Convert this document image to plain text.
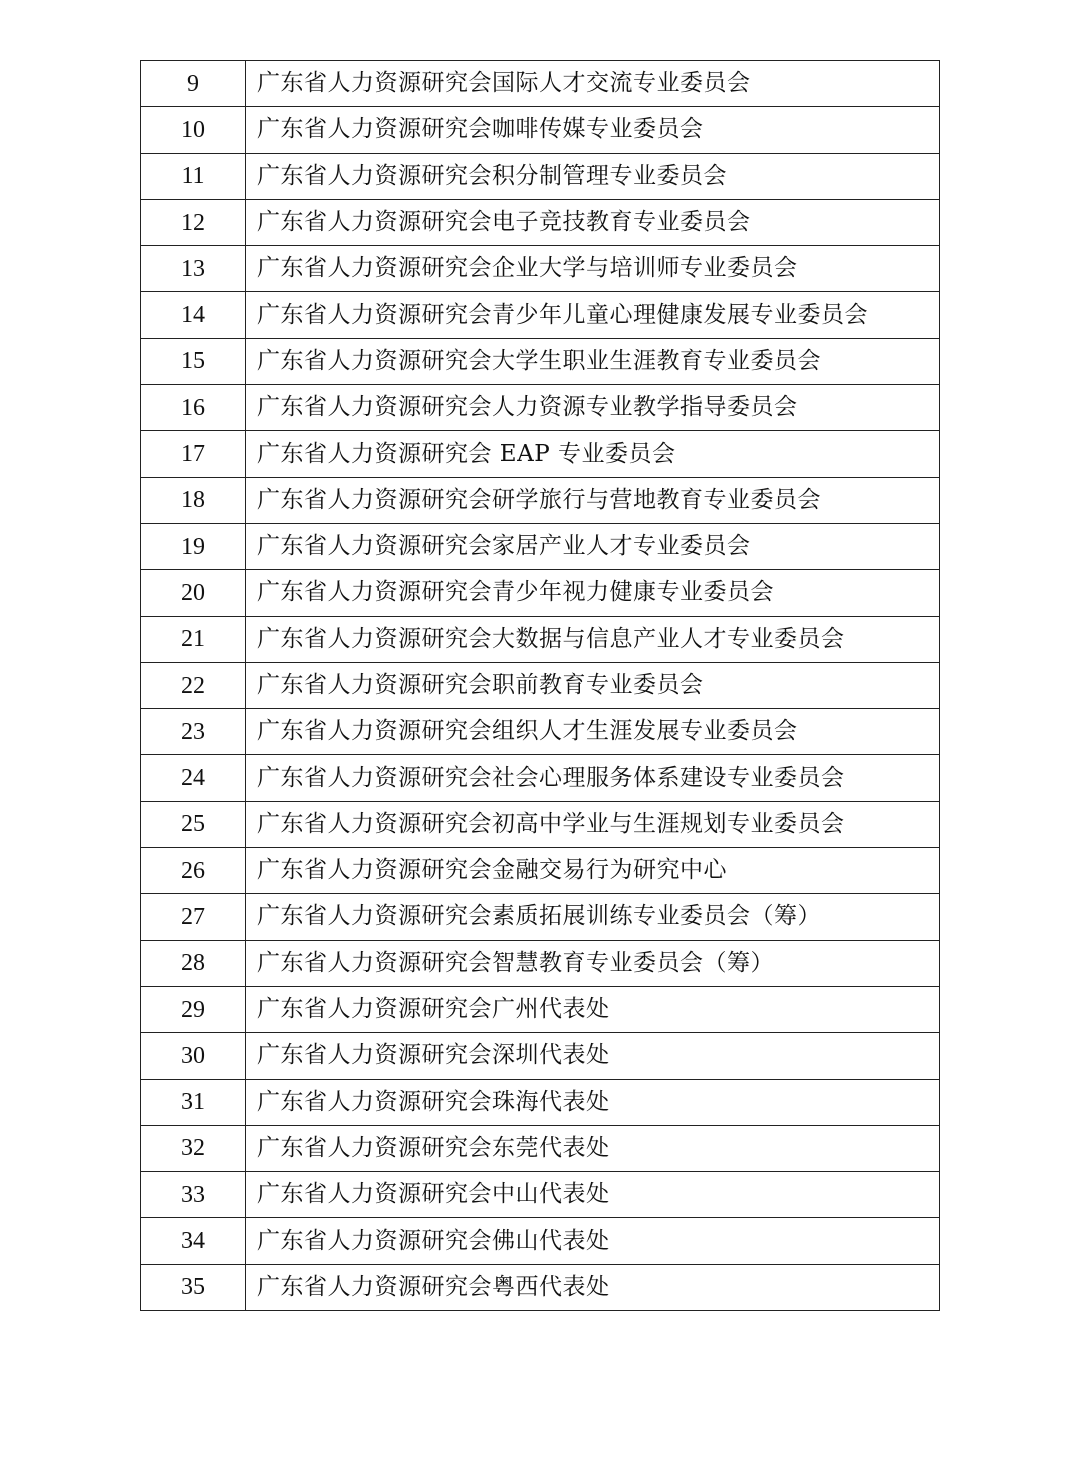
9	广东省人力资源研究会国际人才交流专业委员会
10	广东省人力资源研究会咖啡传媒专业委员会
11	广东省人力资源研究会积分制管理专业委员会
12	广东省人力资源研究会电子竞技教育专业委员会
13	广东省人力资源研究会企业大学与培训师专业委员会
14	广东省人力资源研究会青少年儿童心理健康发展专业委员会
15	广东省人力资源研究会大学生职业生涯教育专业委员会
16	广东省人力资源研究会人力资源专业教学指导委员会
17	广东省人力资源研究会 EAP 专业委员会
18	广东省人力资源研究会研学旅行与营地教育专业委员会
19	广东省人力资源研究会家居产业人才专业委员会
20	广东省人力资源研究会青少年视力健康专业委员会
21	广东省人力资源研究会大数据与信息产业人才专业委员会
22	广东省人力资源研究会职前教育专业委员会
23	广东省人力资源研究会组织人才生涯发展专业委员会
24	广东省人力资源研究会社会心理服务体系建设专业委员会
25	广东省人力资源研究会初高中学业与生涯规划专业委员会
26	广东省人力资源研究会金融交易行为研究中心
27	广东省人力资源研究会素质拓展训练专业委员会（筹）
28	广东省人力资源研究会智慧教育专业委员会（筹）
29	广东省人力资源研究会广州代表处
30	广东省人力资源研究会深圳代表处
31	广东省人力资源研究会珠海代表处
32	广东省人力资源研究会东莞代表处
33	广东省人力资源研究会中山代表处
34	广东省人力资源研究会佛山代表处
35	广东省人力资源研究会粤西代表处
